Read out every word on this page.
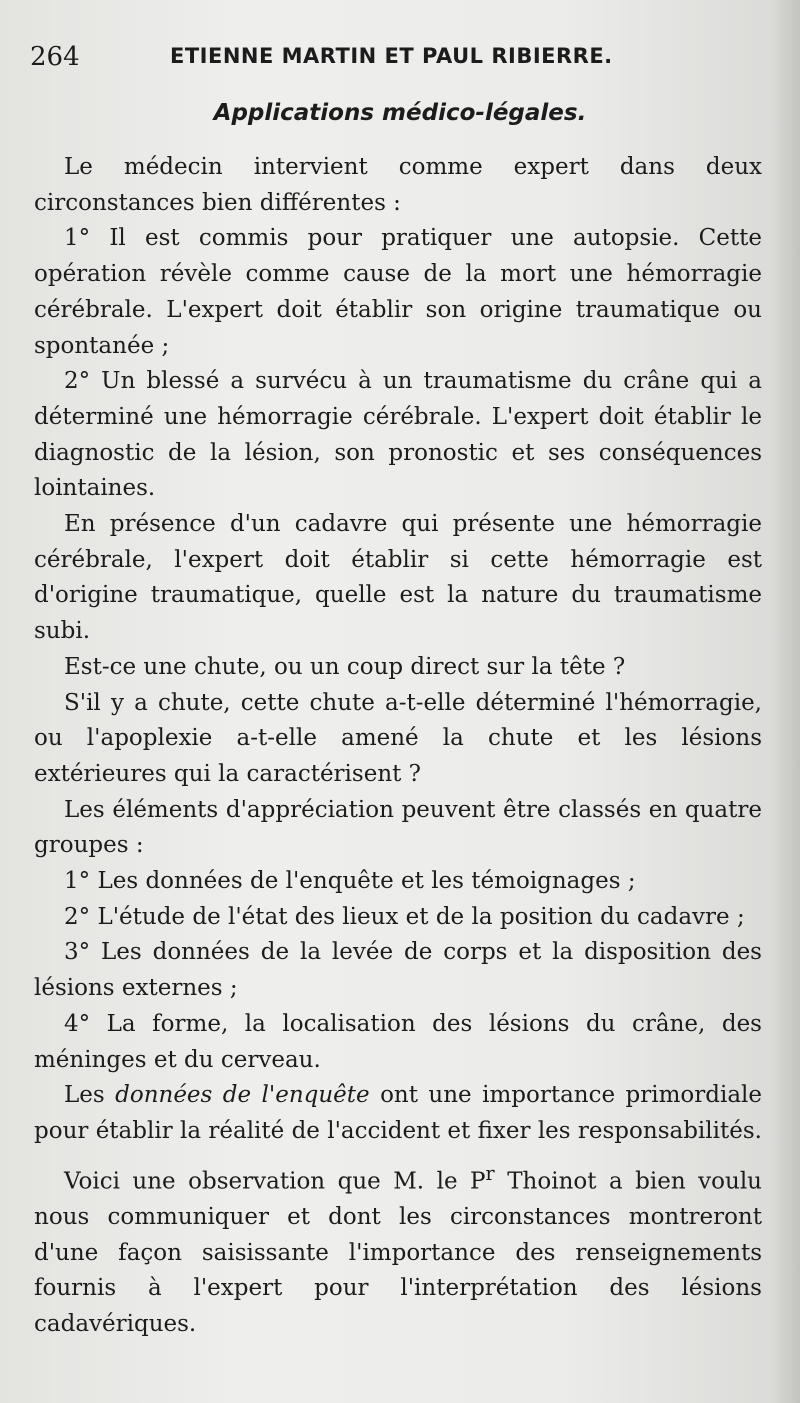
264	ETIENNE MARTIN ET PAUL RIBIERRE.
Applications médico-légales.

Le médecin intervient comme expert dans deux circonstances bien différentes :

1° Il est commis pour pratiquer une autopsie. Cette opération révèle comme cause de la mort une hémorragie cérébrale. L'expert doit établir son origine traumatique ou spontanée ;

2° Un blessé a survécu à un traumatisme du crâne qui a déterminé une hémorragie cérébrale. L'expert doit établir le diagnostic de la lésion, son pronostic et ses conséquences lointaines.

En présence d'un cadavre qui présente une hémorragie cérébrale, l'expert doit établir si cette hémorragie est d'origine traumatique, quelle est la nature du traumatisme subi.

Est-ce une chute, ou un coup direct sur la tête ?

S'il y a chute, cette chute a-t-elle déterminé l'hémorragie, ou l'apoplexie a-t-elle amené la chute et les lésions extérieures qui la caractérisent ?

Les éléments d'appréciation peuvent être classés en quatre groupes :

1° Les données de l'enquête et les témoignages ;

2° L'étude de l'état des lieux et de la position du cadavre ;

3° Les données de la levée de corps et la disposition des lésions externes ;

4° La forme, la localisation des lésions du crâne, des méninges et du cerveau.

Les données de l'enquête ont une importance primordiale pour établir la réalité de l'accident et fixer les responsabilités.

Voici une observation que M. le $P^r$ Thoinot a bien voulu nous communiquer et dont les circonstances montreront d'une façon saisissante l'importance des renseignements fournis à l'expert pour l'interprétation des lésions cadavériques.
